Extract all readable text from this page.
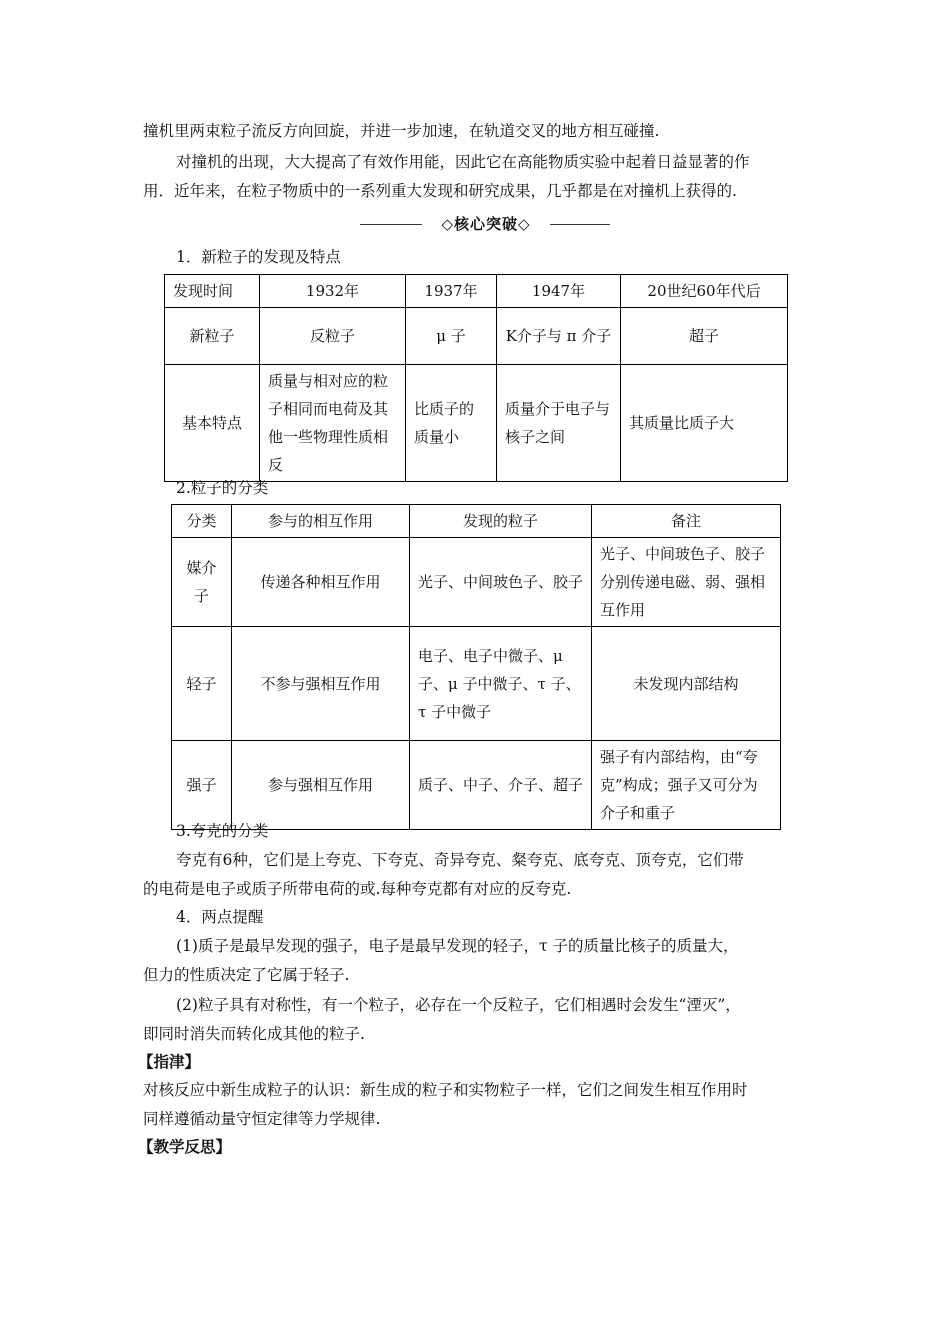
撞机里两束粒子流反方向回旋，并进一步加速，在轨道交叉的地方相互碰撞.
对撞机的出现，大大提高了有效作用能，因此它在高能物质实验中起着日益显著的作
用．近年来，在粒子物质中的一系列重大发现和研究成果，几乎都是在对撞机上获得的.
◇核心突破◇
1．新粒子的发现及特点
发现时间	1932年	1937年	1947年	20世纪60年代后
新粒子	反粒子	μ 子	K介子与 π 介子	超子
基本特点	质量与相对应的粒子相同而电荷及其他一些物理性质相反	比质子的质量小	质量介于电子与核子之间	其质量比质子大
2.粒子的分类
分类	参与的相互作用	发现的粒子	备注
媒介子	传递各种相互作用	光子、中间玻色子、胶子	光子、中间玻色子、胶子分别传递电磁、弱、强相互作用
轻子	不参与强相互作用	电子、电子中微子、μ 子、μ 子中微子、τ 子、τ 子中微子	未发现内部结构
强子	参与强相互作用	质子、中子、介子、超子	强子有内部结构，由“夸克”构成；强子又可分为介子和重子
3.夸克的分类
夸克有6种，它们是上夸克、下夸克、奇异夸克、粲夸克、底夸克、顶夸克，它们带
的电荷是电子或质子所带电荷的或.每种夸克都有对应的反夸克.
4．两点提醒
(1)质子是最早发现的强子，电子是最早发现的轻子，τ 子的质量比核子的质量大，
但力的性质决定了它属于轻子.
(2)粒子具有对称性，有一个粒子，必存在一个反粒子，它们相遇时会发生“湮灭”，
即同时消失而转化成其他的粒子.
【指津】
对核反应中新生成粒子的认识：新生成的粒子和实物粒子一样，它们之间发生相互作用时
同样遵循动量守恒定律等力学规律.
【教学反思】
